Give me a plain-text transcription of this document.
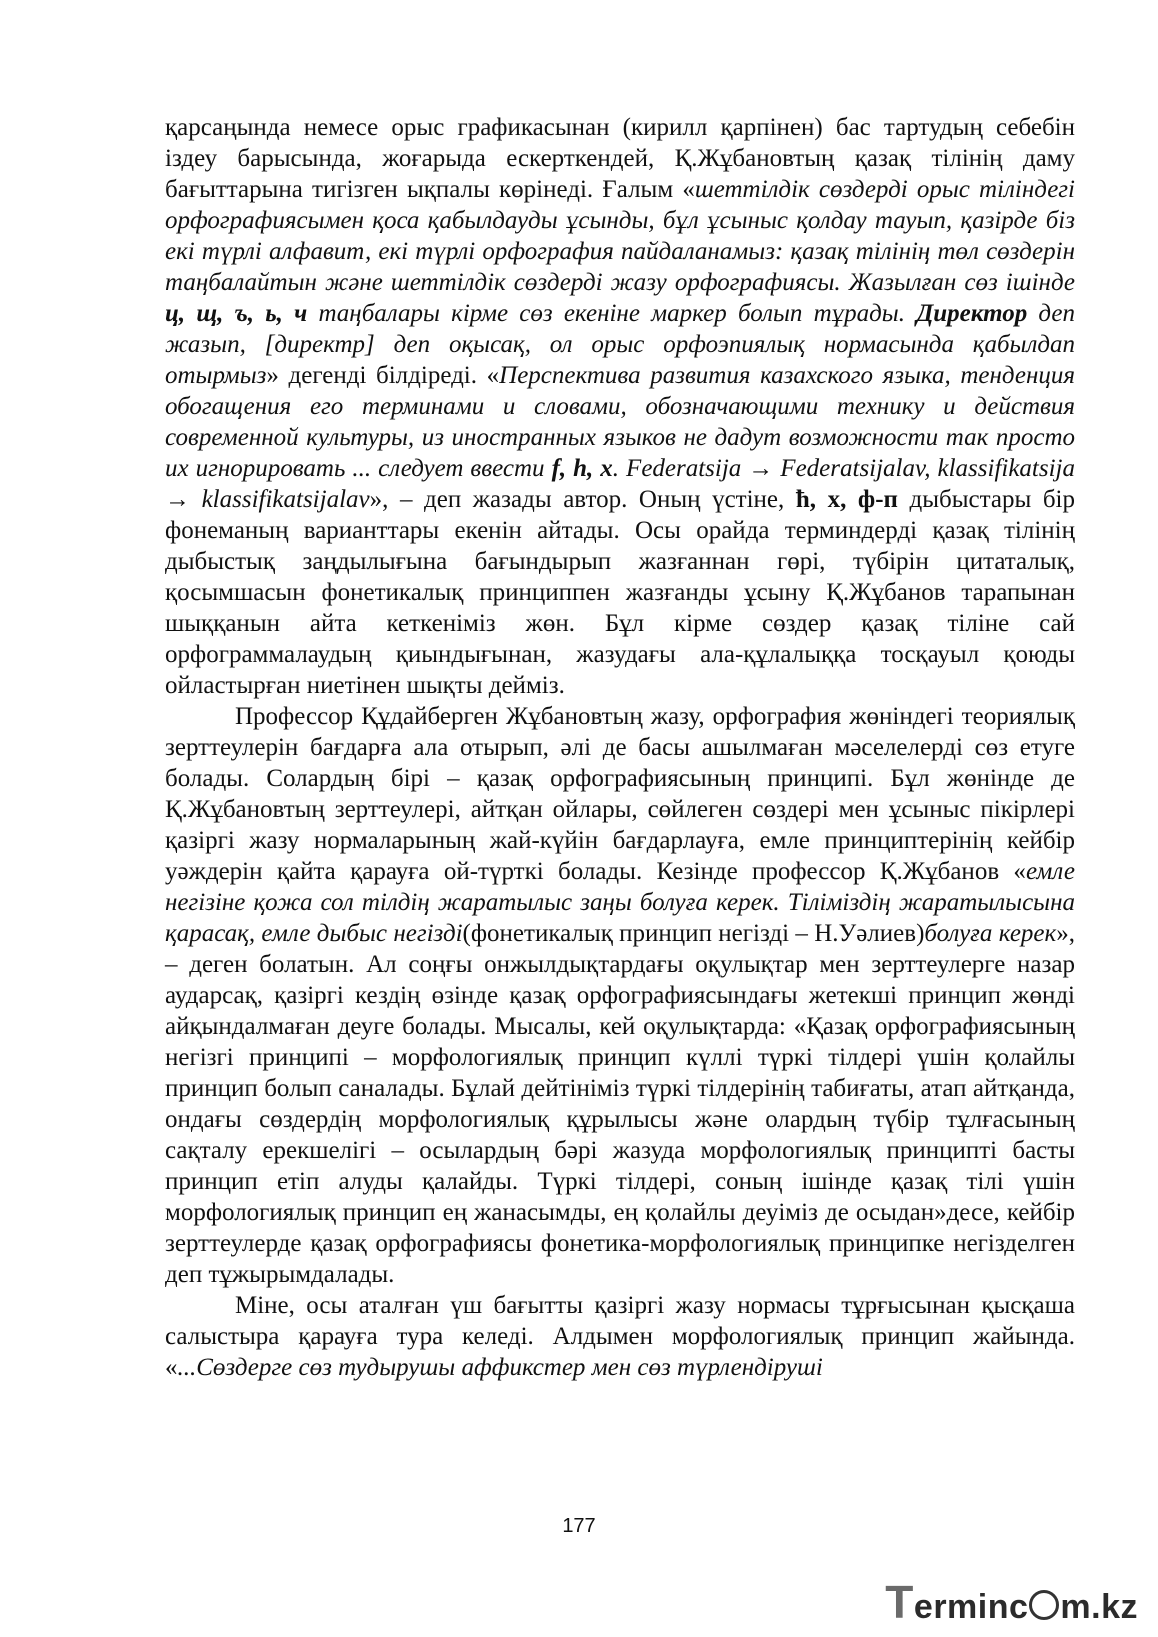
қарсаңында немесе орыс графикасынан (кирилл қарпінен) бас тартудың себебін іздеу барысында, жоғарыда ескерткендей, Қ.Жұбановтың қазақ тілінің даму бағыттарына тигізген ықпалы көрінеді. Ғалым «шеттілдік сөздерді орыс тіліндегі орфографиясымен қоса қабылдауды ұсынды, бұл ұсыныс қолдау тауып, қазірде біз екі түрлі алфавит, екі түрлі орфография пайдаланамыз: қазақ тілінің төл сөздерін таңбалайтын және шеттілдік сөздерді жазу орфографиясы. Жазылған сөз ішінде ц, щ, ъ, ь, ч таңбалары кірме сөз екеніне маркер болып тұрады. Директор деп жазып, [директр] деп оқысақ, ол орыс орфоэпиялық нормасында қабылдап отырмыз» дегенді білдіреді. «Перспектива развития казахского языка, тенденция обогащения его терминами и словами, обозначающими технику и действия современной культуры, из иностранных языков не дадут возможности так просто их игнорировать ... следует ввести f, h, x. Federatsija → Federatsijalav, klassifikatsija → klassifikatsijalav», – деп жазады автор. Оның үстіне, ħ, х, ф-п дыбыстары бір фонеманың варианттары екенін айтады. Осы орайда терминдерді қазақ тілінің дыбыстық заңдылығына бағындырып жазғаннан гөрі, түбірін цитаталық, қосымшасын фонетикалық принциппен жазғанды ұсыну Қ.Жұбанов тарапынан шыққанын айта кеткеніміз жөн. Бұл кірме сөздер қазақ тіліне сай орфограммалаудың қиындығынан, жазудағы ала-құлалыққа тосқауыл қоюды ойластырған ниетінен шықты дейміз.

Профессор Құдайберген Жұбановтың жазу, орфография жөніндегі теориялық зерттеулерін бағдарға ала отырып, әлі де басы ашылмаған мәселелерді сөз етуге болады. Солардың бірі – қазақ орфографиясының принципі. Бұл жөнінде де Қ.Жұбановтың зерттеулері, айтқан ойлары, сөйлеген сөздері мен ұсыныс пікірлері қазіргі жазу нормаларының жай-күйін бағдарлауға, емле принциптерінің кейбір уәждерін қайта қарауға ой-түрткі болады. Кезінде профессор Қ.Жұбанов «емле негізіне қожа сол тілдің жаратылыс заңы болуға керек. Тіліміздің жаратылысына қарасақ, емле дыбыс негізді(фонетикалық принцип негізді – Н.Уәлиев)болуға керек», – деген болатын. Ал соңғы онжылдықтардағы оқулықтар мен зерттеулерге назар аударсақ, қазіргі кездің өзінде қазақ орфографиясындағы жетекші принцип жөнді айқындалмаған деуге болады. Мысалы, кей оқулықтарда: «Қазақ орфографиясының негізгі принципі – морфологиялық принцип күллі түркі тілдері үшін қолайлы принцип болып саналады. Бұлай дейтініміз түркі тілдерінің табиғаты, атап айтқанда, ондағы сөздердің морфологиялық құрылысы және олардың түбір тұлғасының сақталу ерекшелігі – осылардың бәрі жазуда морфологиялық принципті басты принцип етіп алуды қалайды. Түркі тілдері, соның ішінде қазақ тілі үшін морфологиялық принцип ең жанасымды, ең қолайлы деуіміз де осыдан»десе, кейбір зерттеулерде қазақ орфографиясы фонетика-морфологиялық принципке негізделген деп тұжырымдалады.

Міне, осы аталған үш бағытты қазіргі жазу нормасы тұрғысынан қысқаша салыстыра қарауға тура келеді. Алдымен морфологиялық принцип жайында. «...Сөздерге сөз тудырушы аффикстер мен сөз түрлендіруші

177
Terminc m.kz
